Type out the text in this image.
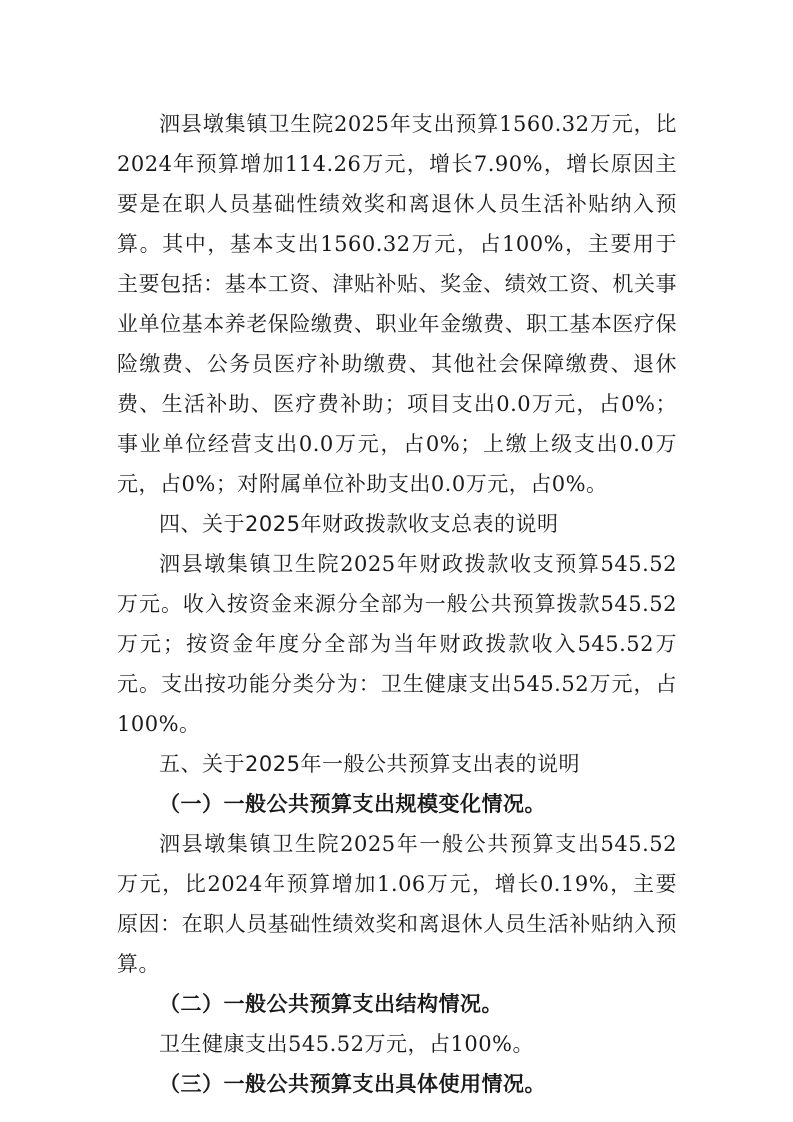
泗县墩集镇卫生院2025年支出预算1560.32万元，比2024年预算增加114.26万元，增长7.90%，增长原因主要是在职人员基础性绩效奖和离退休人员生活补贴纳入预算。其中，基本支出1560.32万元，占100%，主要用于主要包括：基本工资、津贴补贴、奖金、绩效工资、机关事业单位基本养老保险缴费、职业年金缴费、职工基本医疗保险缴费、公务员医疗补助缴费、其他社会保障缴费、退休费、生活补助、医疗费补助；项目支出0.0万元，占0%；事业单位经营支出0.0万元，占0%；上缴上级支出0.0万元，占0%；对附属单位补助支出0.0万元，占0%。

四、关于2025年财政拨款收支总表的说明

泗县墩集镇卫生院2025年财政拨款收支预算545.52万元。收入按资金来源分全部为一般公共预算拨款545.52万元；按资金年度分全部为当年财政拨款收入545.52万元。支出按功能分类分为：卫生健康支出545.52万元，占100%。

五、关于2025年一般公共预算支出表的说明
（一）一般公共预算支出规模变化情况。

泗县墩集镇卫生院2025年一般公共预算支出545.52万元，比2024年预算增加1.06万元，增长0.19%，主要原因：在职人员基础性绩效奖和离退休人员生活补贴纳入预算。

（二）一般公共预算支出结构情况。

卫生健康支出545.52万元，占100%。

（三）一般公共预算支出具体使用情况。
